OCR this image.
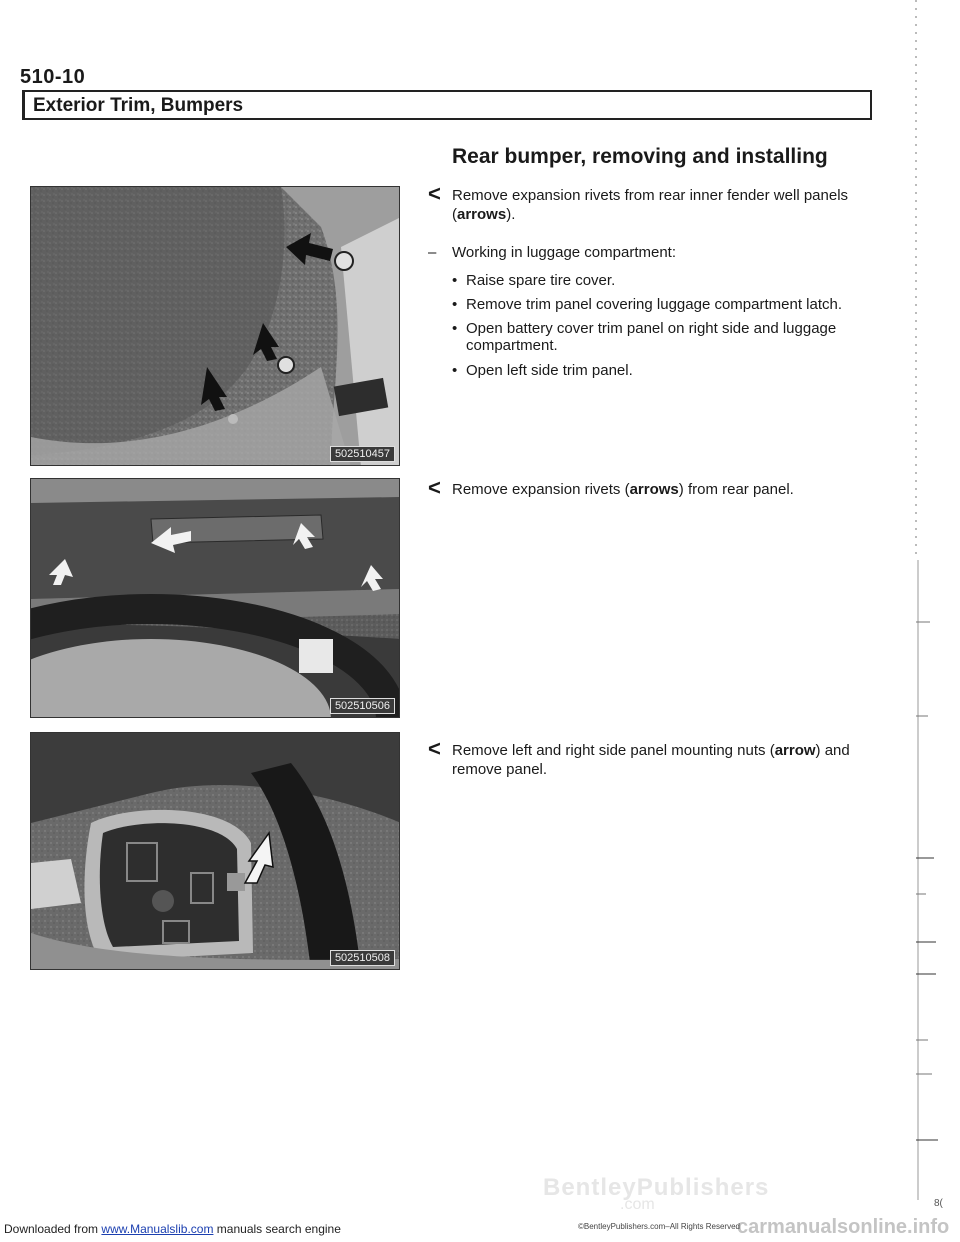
510-10
Exterior Trim, Bumpers
Rear bumper, removing and installing
502510457
502510506
502510508
< Remove expansion rivets from rear inner fender well panels (arrows).
– Working in luggage compartment:
• Raise spare tire cover.
• Remove trim panel covering luggage compartment latch.
• Open battery cover trim panel on right side and luggage compartment.
• Open left side trim panel.
< Remove expansion rivets (arrows) from rear panel.
< Remove left and right side panel mounting nuts (arrow) and remove panel.
8(
BentleyPublishers
.com
carmanualsonline.info
Downloaded from www.Manualslib.com manuals search engine	©BentleyPublishers.com–All Rights Reserved
